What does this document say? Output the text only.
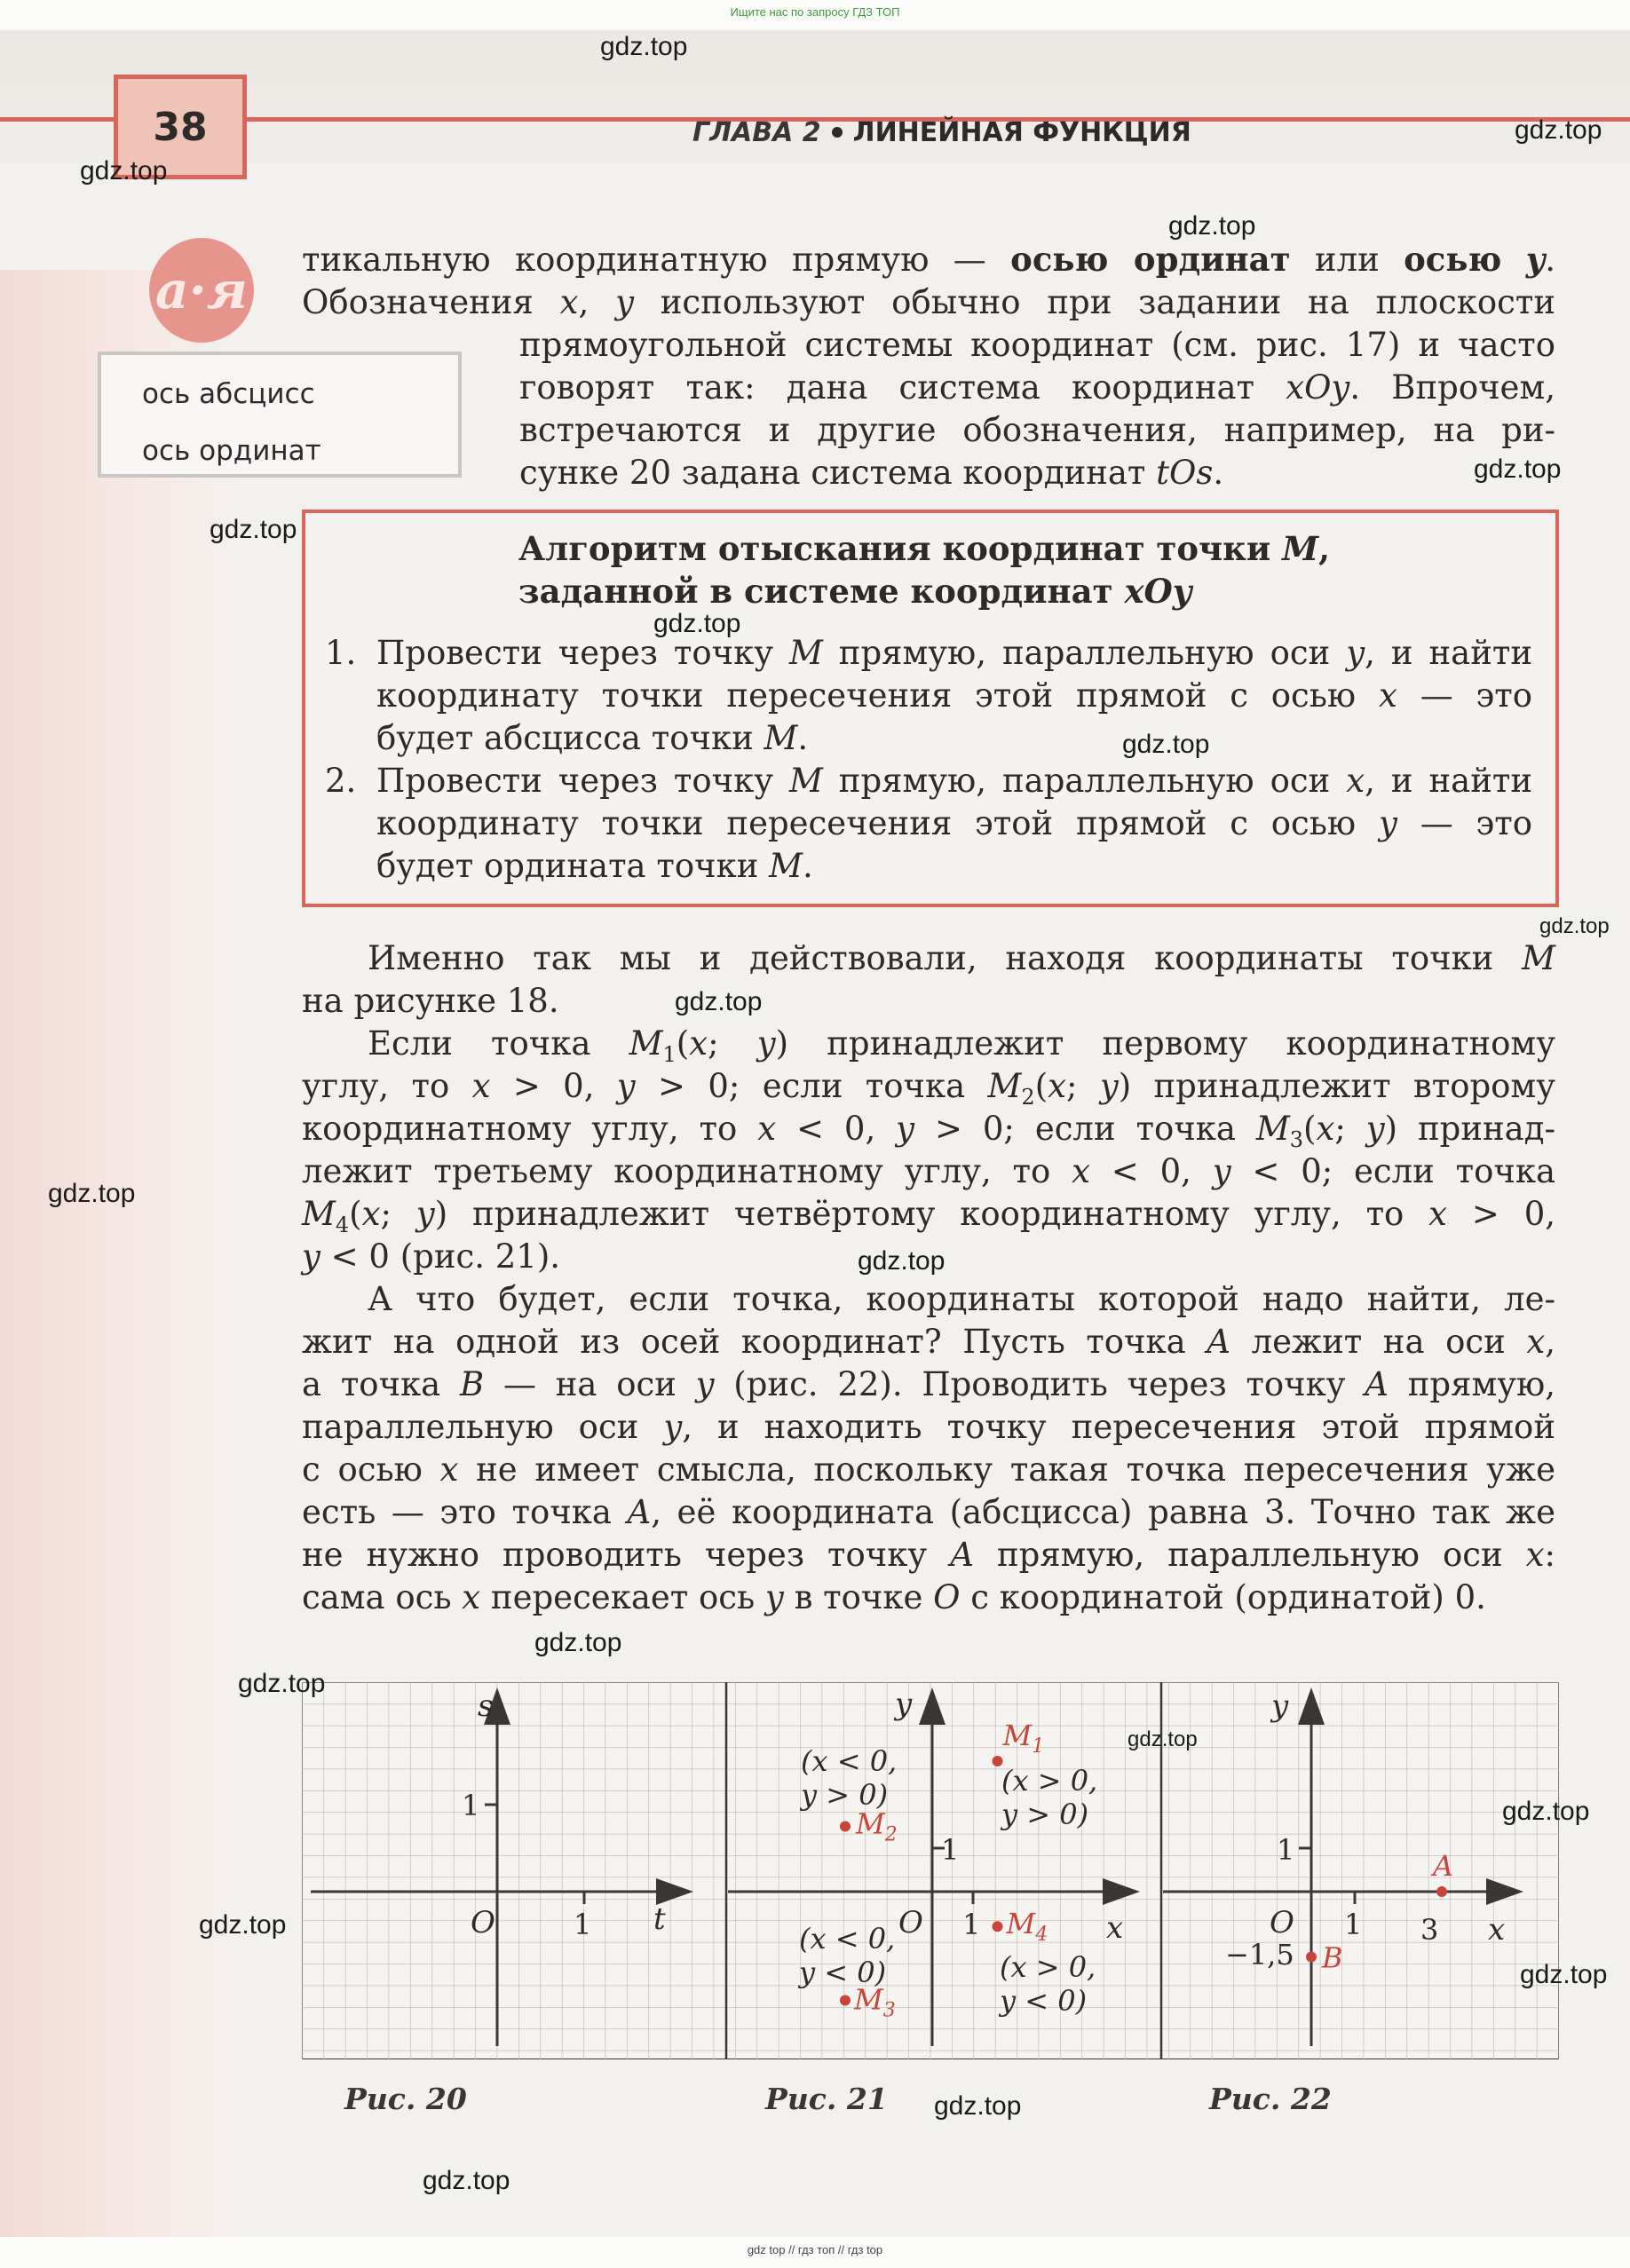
Ищите нас по запросу ГДЗ ТОП
38	ГЛАВА 2 ЛИНЕЙНАЯ ФУНКЦИЯ
a·я
ось абсцисс
ось ординат

тикальную координатную прямую — осью ординат или осью y.

Обозначения x, y используют обычно при задании на плоскости

прямоугольной системы координат (см. рис. 17) и часто

говорят так: дана система координат xOy. Впрочем,

встречаются и другие обозначения, например, на ри-

сунке 20 задана система координат tOs.

Алгоритм отыскания координат точки M,
заданной в системе координат xOy
1. Провести через точку M прямую, параллельную оси y, и найти

координату точки пересечения этой прямой с осью x — это

будет абсцисса точки M.

2. Провести через точку M прямую, параллельную оси x, и найти

координату точки пересечения этой прямой с осью y — это

будет ордината точки M.

Именно так мы и действовали, находя координаты точки M

на рисунке 18.

Если точка $M_1(x$; y) принадлежит первому координатному

углу, то x > 0, y > 0; если точка $M_2(x$; y) принадлежит второму

координатному углу, то x < 0, y > 0; если точка $M_3(x$; y) принад-

лежит третьему координатному углу, то x < 0, y < 0; если точка

$M_4(x$; y) принадлежит четвёртому координатному углу, то x > 0,

y < 0 (рис. 21).

А что будет, если точка, координаты которой надо найти, ле-

жит на одной из осей координат? Пусть точка A лежит на оси x,

а точка B — на оси y (рис. 22). Проводить через точку A прямую,

параллельную оси y, и находить точку пересечения этой прямой

с осью x не имеет смысла, поскольку такая точка пересечения уже

есть — это точка A, её координата (абсцисса) равна 3. Точно так же

не нужно проводить через точку A прямую, параллельную оси x:

сама ось x пересекает ось y в точке O с координатой (ординатой) 0.

s
t
O	1
1
y
x
O 1
1
(x < 0,
y > 0)	(x > 0,
y > 0)
(x < 0,
y < 0)	(x > 0,
y < 0)
$M_1$
$M_2$
$M_3$
$M_4$
y
x
O 1
1
3
−1,5
A
B
Рис. 20	Рис. 21	Рис. 22
gdz.top
gdz.top
gdz.top
gdz.top
gdz.top
gdz.top
gdz.top
gdz.top
gdz.top
gdz.top
gdz.top
gdz.top
gdz.top
gdz.top
gdz.top
gdz.top
gdz.top
gdz.top
gdz.top
gdz.top
gdz top // гдз топ // гдз top
